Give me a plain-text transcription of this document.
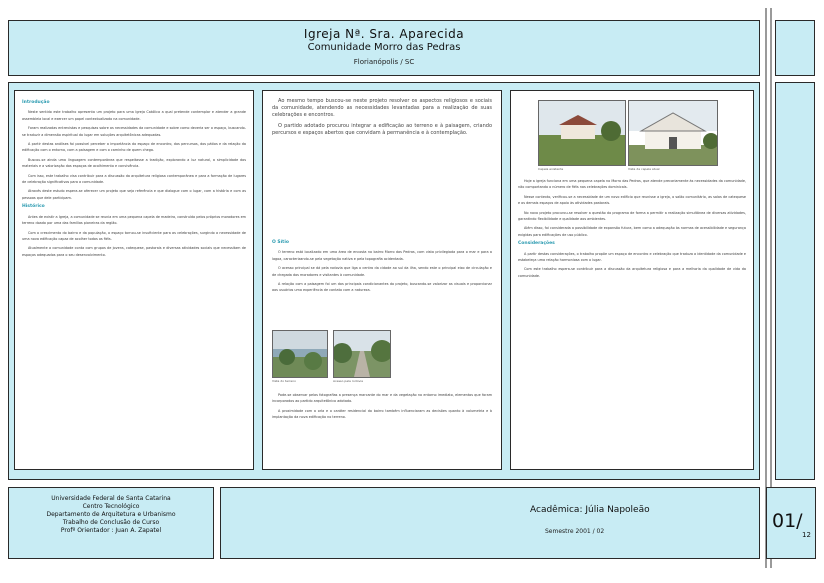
Igreja Nª. Sra. Aparecida
Comunidade Morro das Pedras
Florianópolis / SC
Introdução

Neste sentido este trabalho apresenta um projeto para uma Igreja Católica a qual pretende contemplar e atender a grande assembleia local e exercer um papel contextualizado na comunidade.

Foram realizadas entrevistas e pesquisas sobre as necessidades da comunidade e sobre como deveria ser o espaço, buscando-se traduzir a dimensão espiritual do lugar em soluções arquitetônicas adequadas.

A partir destas análises foi possível perceber a importância do espaço de encontro, dos percursos, dos pátios e da relação da edificação com o entorno, com a paisagem e com o caminho de quem chega.

Buscou-se ainda uma linguagem contemporânea que respeitasse a tradição, explorando a luz natural, a simplicidade dos materiais e a valorização dos espaços de acolhimento e convivência.

Com isso, este trabalho visa contribuir para a discussão da arquitetura religiosa contemporânea e para a formação de lugares de celebração significativos para a comunidade.

Através deste estudo espera-se oferecer um projeto que seja referência e que dialogue com o lugar, com a história e com as pessoas que dele participam.

Histórico

Antes de existir a Igreja, a comunidade se reunia em uma pequena capela de madeira, construída pelos próprios moradores em terreno doado por uma das famílias pioneiras da região.

Com o crescimento do bairro e da população, o espaço tornou-se insuficiente para as celebrações, surgindo a necessidade de uma nova edificação capaz de acolher todos os fiéis.

Atualmente a comunidade conta com grupos de jovens, catequese, pastorais e diversas atividades sociais que necessitam de espaços adequados para o seu desenvolvimento.

Ao mesmo tempo buscou-se neste projeto resolver os aspectos religiosos e sociais da comunidade, atendendo as necessidades levantadas para a realização de suas celebrações e encontros.

O partido adotado procurou integrar a edificação ao terreno e à paisagem, criando percursos e espaços abertos que convidam à permanência e à contemplação.

O Sítio

O terreno está localizado em uma área de encosta no bairro Morro das Pedras, com vista privilegiada para o mar e para a lagoa, caracterizando-se pela vegetação nativa e pela topografia acidentada.

O acesso principal se dá pela rodovia que liga o centro da cidade ao sul da ilha, sendo este o principal eixo de circulação e de chegada dos moradores e visitantes à comunidade.

A relação com a paisagem foi um dos principais condicionantes do projeto, buscando-se valorizar as visuais e proporcionar aos usuários uma experiência de contato com a natureza.

Vista do terreno	Acesso pela rodovia

Pode-se observar pelas fotografias a presença marcante do mar e da vegetação no entorno imediato, elementos que foram incorporados ao partido arquitetônico adotado.

A proximidade com a orla e o caráter residencial do bairro também influenciaram as decisões quanto à volumetria e à implantação da nova edificação no terreno.

Capela existente	Vista da capela atual

Hoje a igreja funciona em uma pequena capela no Morro das Pedras, que atende precariamente às necessidades da comunidade, não comportando o número de fiéis nas celebrações dominicais.

Nesse contexto, verificou-se a necessidade de um novo edifício que reunisse a igreja, o salão comunitário, as salas de catequese e os demais espaços de apoio às atividades pastorais.

No novo projeto procurou-se resolver a questão do programa de forma a permitir a realização simultânea de diversas atividades, garantindo flexibilidade e qualidade aos ambientes.

Além disso, foi considerada a possibilidade de expansão futura, bem como a adequação às normas de acessibilidade e segurança exigidas para edificações de uso público.

Considerações

A partir destas considerações, o trabalho propõe um espaço de encontro e celebração que traduza a identidade da comunidade e estabeleça uma relação harmoniosa com o lugar.

Com este trabalho espera-se contribuir para a discussão da arquitetura religiosa e para a melhoria da qualidade de vida da comunidade.

Universidade Federal de Santa Catarina
Centro Tecnológico
Departamento de Arquitetura e Urbanismo
Trabalho de Conclusão de Curso
Profº Orientador : Juan A. Zapatel
Acadêmica: Júlia Napoleão
Semestre 2001 / 02	01/
12
